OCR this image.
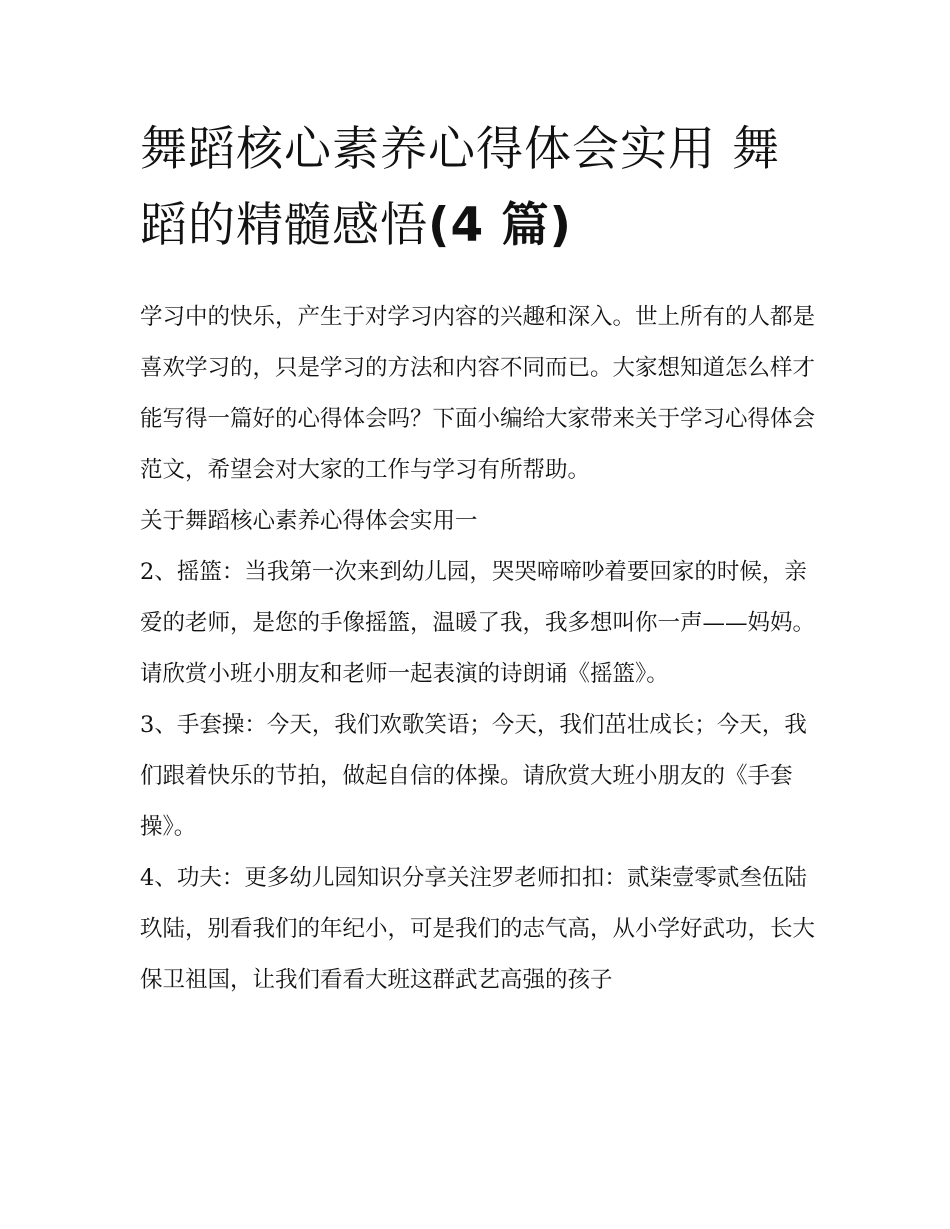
舞蹈核心素养心得体会实用 舞蹈的精髓感悟(4 篇)

学习中的快乐，产生于对学习内容的兴趣和深入。世上所有的人都是喜欢学习的，只是学习的方法和内容不同而已。大家想知道怎么样才能写得一篇好的心得体会吗？下面小编给大家带来关于学习心得体会范文，希望会对大家的工作与学习有所帮助。

关于舞蹈核心素养心得体会实用一

2、摇篮：当我第一次来到幼儿园，哭哭啼啼吵着要回家的时候，亲爱的老师，是您的手像摇篮，温暖了我，我多想叫你一声——妈妈。请欣赏小班小朋友和老师一起表演的诗朗诵《摇篮》。

3、手套操：今天，我们欢歌笑语；今天，我们茁壮成长；今天，我们跟着快乐的节拍，做起自信的体操。请欣赏大班小朋友的《手套操》。

4、功夫：更多幼儿园知识分享关注罗老师扣扣：贰柒壹零贰叁伍陆玖陆，别看我们的年纪小，可是我们的志气高，从小学好武功，长大保卫祖国，让我们看看大班这群武艺高强的孩子
